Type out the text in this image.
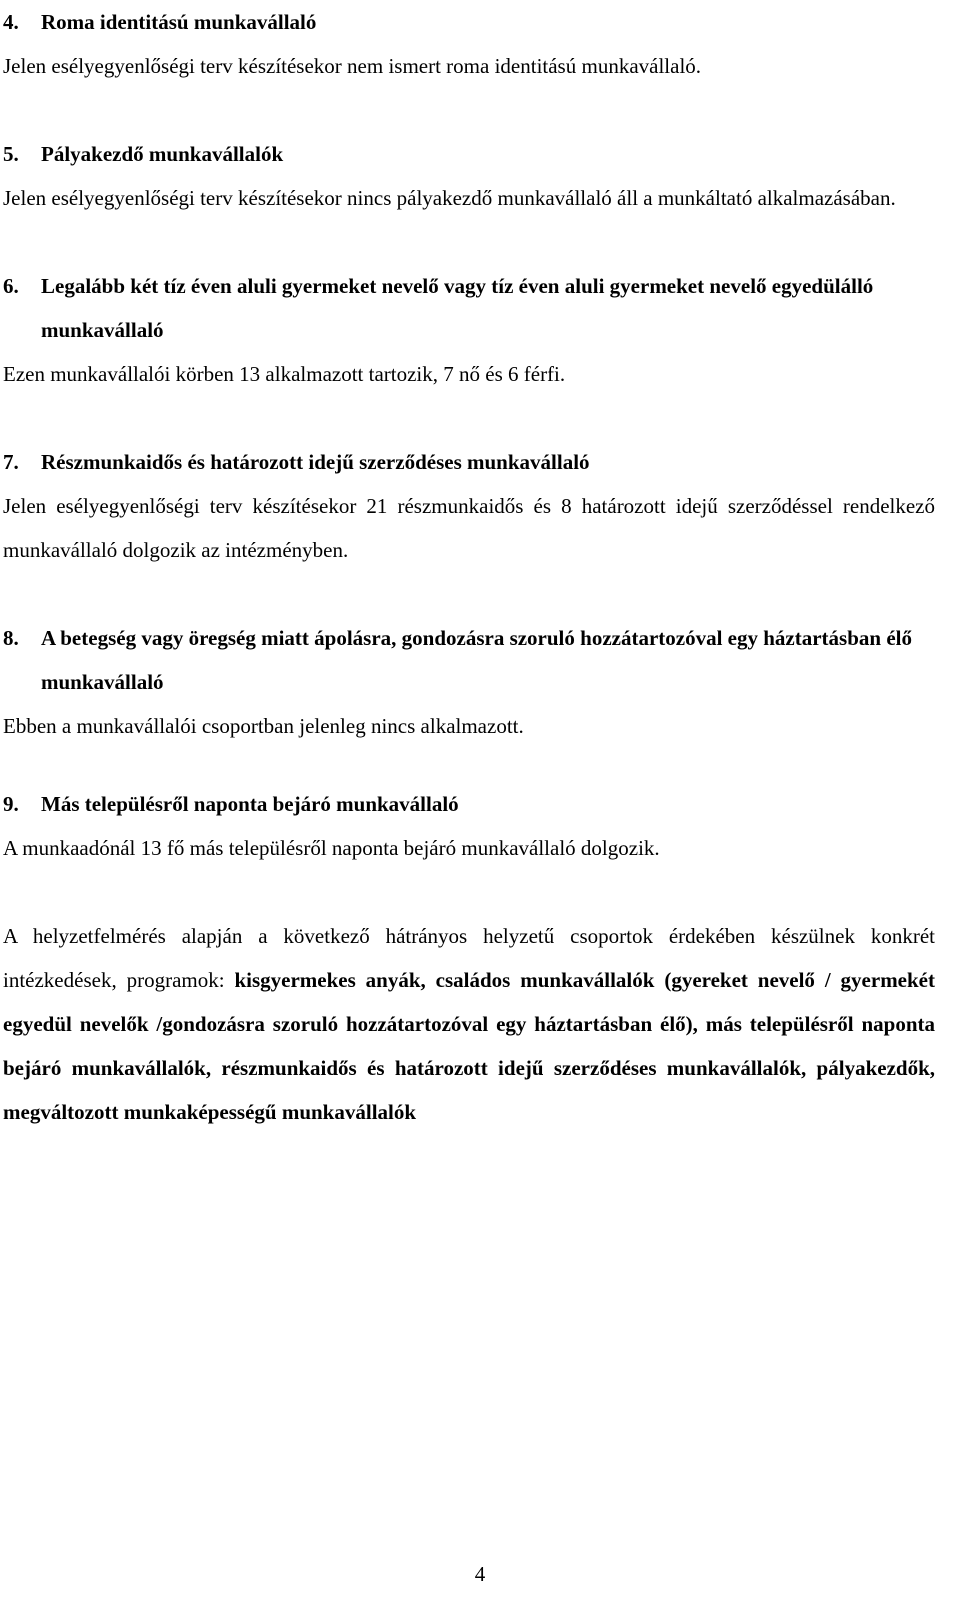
4.	Roma identitású munkavállaló

Jelen esélyegyenlőségi terv készítésekor nem ismert roma identitású munkavállaló.

5.	Pályakezdő munkavállalók

Jelen esélyegyenlőségi terv készítésekor nincs pályakezdő munkavállaló áll a munkáltató alkalmazásában.

6.	Legalább két tíz éven aluli gyermeket nevelő vagy tíz éven aluli gyermeket nevelő egyedülálló munkavállaló

Ezen munkavállalói körben 13 alkalmazott tartozik, 7 nő és 6 férfi.

7.	Részmunkaidős és határozott idejű szerződéses munkavállaló

Jelen esélyegyenlőségi terv készítésekor 21 részmunkaidős és 8 határozott idejű szerződéssel rendelkező munkavállaló dolgozik az intézményben.

8.	A betegség vagy öregség miatt ápolásra, gondozásra szoruló hozzátartozóval egy háztartásban élő munkavállaló

Ebben a munkavállalói csoportban jelenleg nincs alkalmazott.

9.	Más településről naponta bejáró munkavállaló

A munkaadónál 13 fő más településről naponta bejáró munkavállaló dolgozik.

A helyzetfelmérés alapján a következő hátrányos helyzetű csoportok érdekében készülnek konkrét intézkedések, programok: kisgyermekes anyák, családos munkavállalók (gyereket nevelő / gyermekét egyedül nevelők /gondozásra szoruló hozzátartozóval egy háztartásban élő), más településről naponta bejáró munkavállalók, részmunkaidős és határozott idejű szerződéses munkavállalók, pályakezdők, megváltozott munkaképességű munkavállalók

4
